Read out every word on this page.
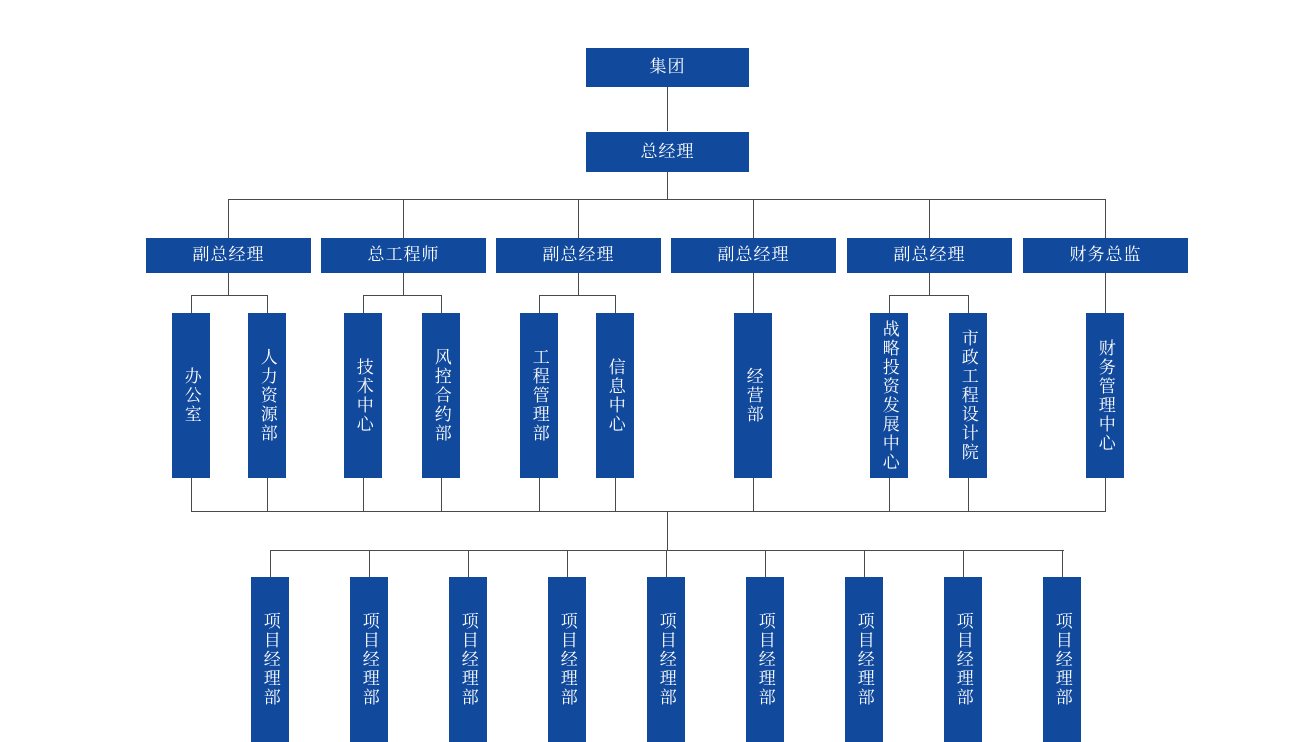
集团
总经理
副总经理	总工程师	副总经理	副总经理	副总经理	财务总监
办公室	人力资源部	技术中心	风控合约部	工程管理部	信息中心	经营部	战略投资发展中心	市政工程设计院	财务管理中心
项目经理部	项目经理部	项目经理部	项目经理部	项目经理部	项目经理部	项目经理部	项目经理部	项目经理部
